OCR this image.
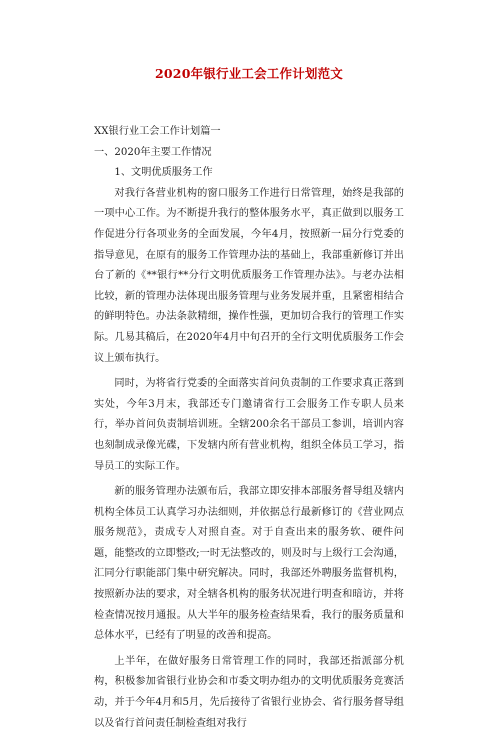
2020年银行业工会工作计划范文

XX银行业工会工作计划篇一

一、2020年主要工作情况

1、文明优质服务工作

对我行各营业机构的窗口服务工作进行日常管理，始终是我部的一项中心工作。为不断提升我行的整体服务水平，真正做到以服务工作促进分行各项业务的全面发展，今年4月，按照新一届分行党委的指导意见，在原有的服务工作管理办法的基础上，我部重新修订并出台了新的《**银行**分行文明优质服务工作管理办法》。与老办法相比较，新的管理办法体现出服务管理与业务发展并重，且紧密相结合的鲜明特色。办法条款精细，操作性强，更加切合我行的管理工作实际。几易其稿后，在2020年4月中旬召开的全行文明优质服务工作会议上颁布执行。

同时，为将省行党委的全面落实首问负责制的工作要求真正落到实处，今年3月末，我部还专门邀请省行工会服务工作专职人员来行，举办首问负责制培训班。全辖200余名干部员工参训，培训内容也刻制成录像光碟，下发辖内所有营业机构，组织全体员工学习，指导员工的实际工作。

新的服务管理办法颁布后，我部立即安排本部服务督导组及辖内机构全体员工认真学习办法细则，并依据总行最新修订的《营业网点服务规范》，责成专人对照自查。对于自查出来的服务软、硬件问题，能整改的立即整改;一时无法整改的，则及时与上级行工会沟通，汇同分行职能部门集中研究解决。同时，我部还外聘服务监督机构，按照新办法的要求，对全辖各机构的服务状况进行明查和暗访，并将检查情况按月通报。从大半年的服务检查结果看，我行的服务质量和总体水平，已经有了明显的改善和提高。

上半年，在做好服务日常管理工作的同时，我部还指派部分机构，积极参加省银行业协会和市委文明办组办的文明优质服务竞赛活动，并于今年4月和5月，先后接待了省银行业协会、省行服务督导组以及省行首问责任制检查组对我行
